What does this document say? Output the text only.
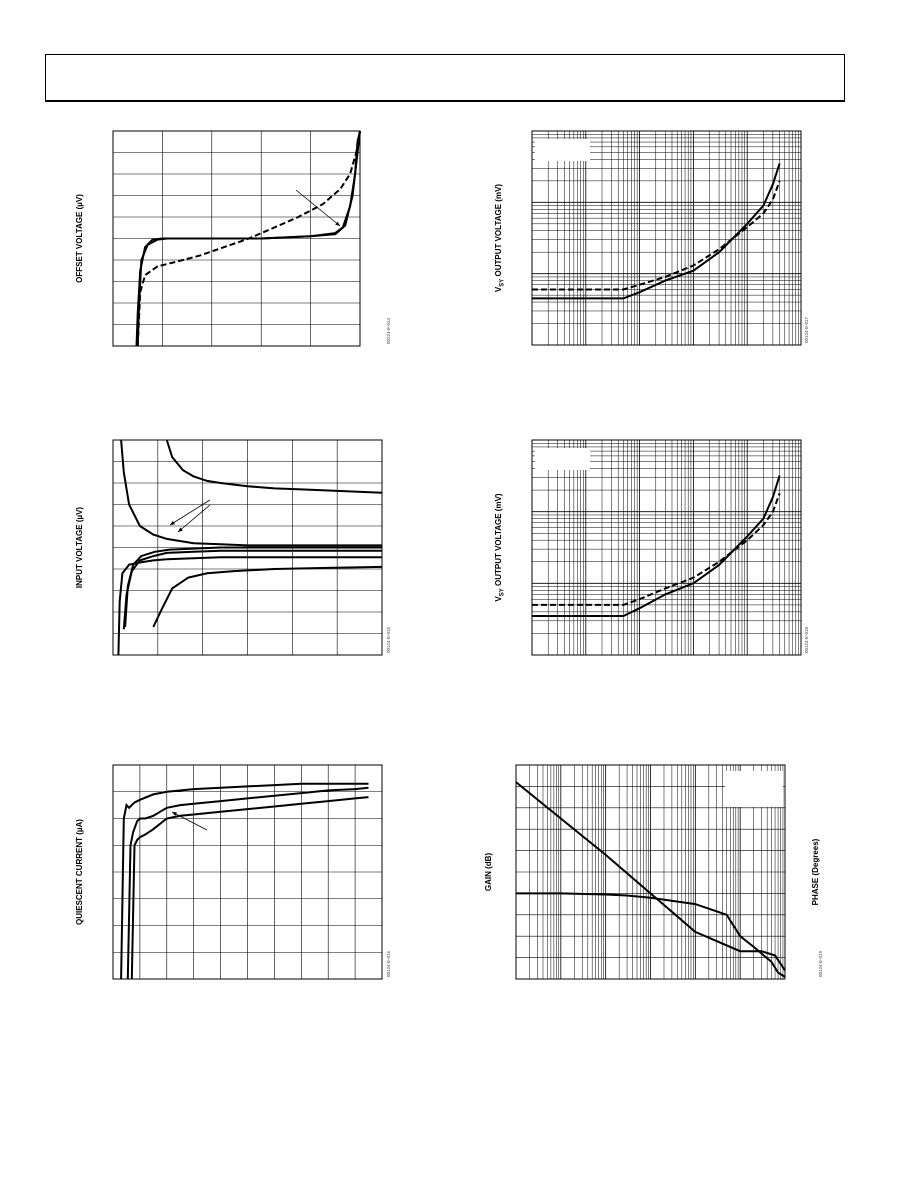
OFFSET VOLTAGE (µV)
00124-E-014
$V_{SY}$ OUTPUT VOLTAGE (mV)
00124-E-017
INPUT VOLTAGE (µV)
00124-E-015
$V_{SY}$ OUTPUT VOLTAGE (mV)
00124-E-018
QUIESCENT CURRENT (µA)
00124-E-016
GAIN (dB)	PHASE (Degrees)
00124-E-019
